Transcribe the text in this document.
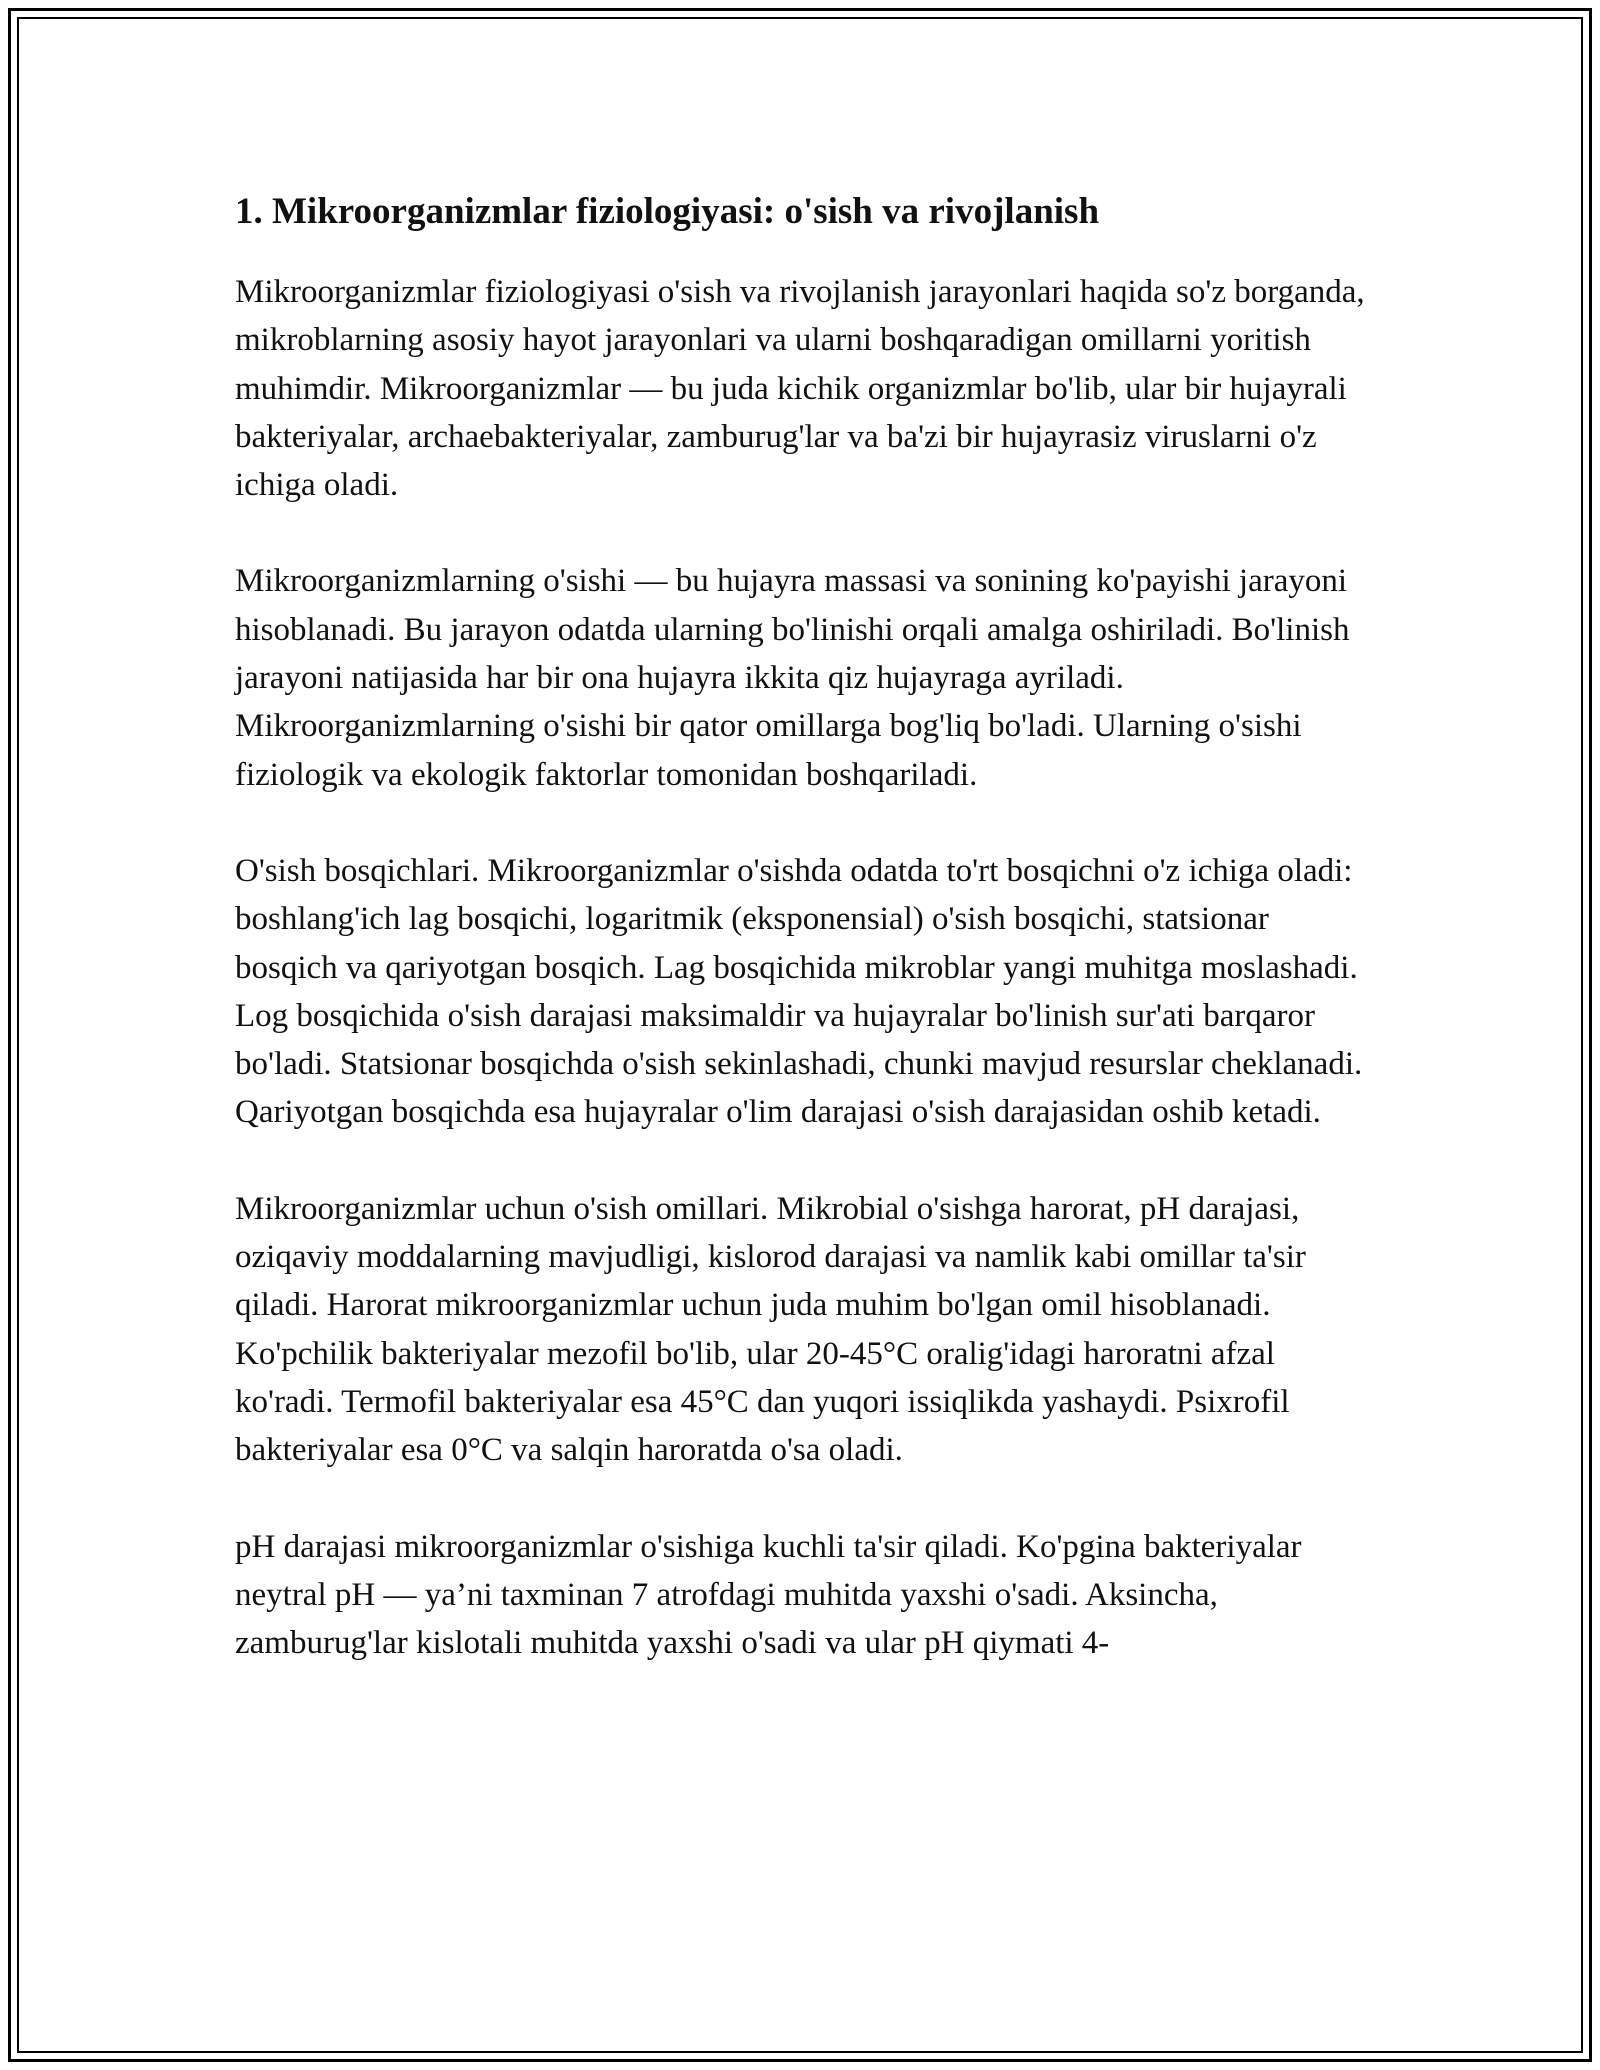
1. Mikroorganizmlar fiziologiyasi: o'sish va rivojlanish

Mikroorganizmlar fiziologiyasi o'sish va rivojlanish jarayonlari haqida so'z borganda, mikroblarning asosiy hayot jarayonlari va ularni boshqaradigan omillarni yoritish muhimdir. Mikroorganizmlar — bu juda kichik organizmlar bo'lib, ular bir hujayrali bakteriyalar, archaebakteriyalar, zamburug'lar va ba'zi bir hujayrasiz viruslarni o'z ichiga oladi.

Mikroorganizmlarning o'sishi — bu hujayra massasi va sonining ko'payishi jarayoni hisoblanadi. Bu jarayon odatda ularning bo'linishi orqali amalga oshiriladi. Bo'linish jarayoni natijasida har bir ona hujayra ikkita qiz hujayraga ayriladi. Mikroorganizmlarning o'sishi bir qator omillarga bog'liq bo'ladi. Ularning o'sishi fiziologik va ekologik faktorlar tomonidan boshqariladi.

O'sish bosqichlari. Mikroorganizmlar o'sishda odatda to'rt bosqichni o'z ichiga oladi: boshlang'ich lag bosqichi, logaritmik (eksponensial) o'sish bosqichi, statsionar bosqich va qariyotgan bosqich. Lag bosqichida mikroblar yangi muhitga moslashadi. Log bosqichida o'sish darajasi maksimaldir va hujayralar bo'linish sur'ati barqaror bo'ladi. Statsionar bosqichda o'sish sekinlashadi, chunki mavjud resurslar cheklanadi. Qariyotgan bosqichda esa hujayralar o'lim darajasi o'sish darajasidan oshib ketadi.

Mikroorganizmlar uchun o'sish omillari. Mikrobial o'sishga harorat, pH darajasi, oziqaviy moddalarning mavjudligi, kislorod darajasi va namlik kabi omillar ta'sir qiladi. Harorat mikroorganizmlar uchun juda muhim bo'lgan omil hisoblanadi. Ko'pchilik bakteriyalar mezofil bo'lib, ular 20-45°C oralig'idagi haroratni afzal ko'radi. Termofil bakteriyalar esa 45°C dan yuqori issiqlikda yashaydi. Psixrofil bakteriyalar esa 0°C va salqin haroratda o'sa oladi.

pH darajasi mikroorganizmlar o'sishiga kuchli ta'sir qiladi. Ko'pgina bakteriyalar neytral pH — ya’ni taxminan 7 atrofdagi muhitda yaxshi o'sadi. Aksincha, zamburug'lar kislotali muhitda yaxshi o'sadi va ular pH qiymati 4-
